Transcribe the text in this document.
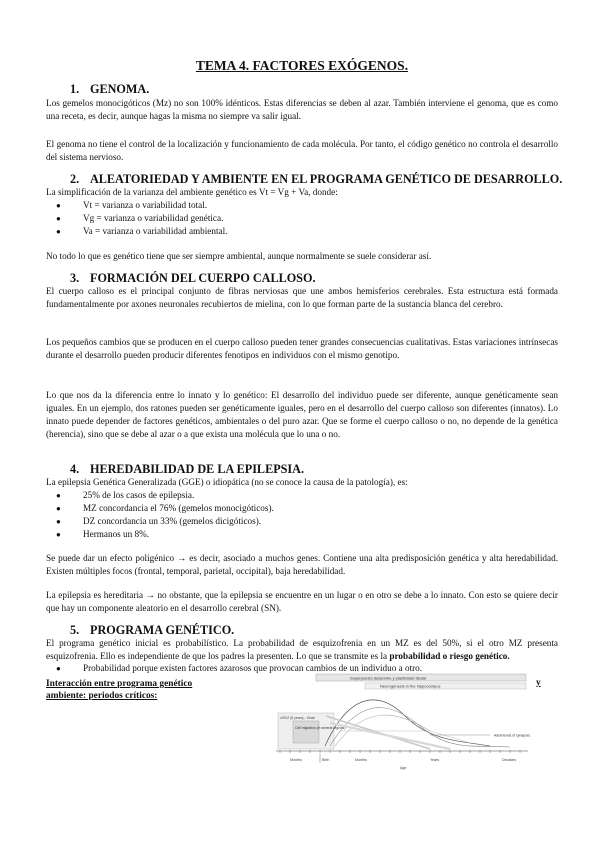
TEMA 4. FACTORES EXÓGENOS.
1. GENOMA.
Los gemelos monocigóticos (Mz) no son 100% idénticos. Estas diferencias se deben al azar. También interviene el genoma, que es como una receta, es decir, aunque hagas la misma no siempre va salir igual.
El genoma no tiene el control de la localización y funcionamiento de cada molécula. Por tanto, el código genético no controla el desarrollo del sistema nervioso.
2. ALEATORIEDAD Y AMBIENTE EN EL PROGRAMA GENÉTICO DE DESARROLLO.
La simplificación de la varianza del ambiente genético es Vt = Vg + Va, donde:
● Vt = varianza o variabilidad total.
● Vg = varianza o variabilidad genética.
● Va = varianza o variabilidad ambiental.
No todo lo que es genético tiene que ser siempre ambiental, aunque normalmente se suele considerar así.
3. FORMACIÓN DEL CUERPO CALLOSO.
El cuerpo calloso es el principal conjunto de fibras nerviosas que une ambos hemisferios cerebrales. Esta estructura está formada fundamentalmente por axones neuronales recubiertos de mielina, con lo que forman parte de la sustancia blanca del cerebro.
Los pequeños cambios que se producen en el cuerpo calloso pueden tener grandes consecuencias cualitativas. Estas variaciones intrínsecas durante el desarrollo pueden producir diferentes fenotipos en individuos con el mismo genotipo.
Lo que nos da la diferencia entre lo innato y lo genético: El desarrollo del individuo puede ser diferente, aunque genéticamente sean iguales. En un ejemplo, dos ratones pueden ser genéticamente iguales, pero en el desarrollo del cuerpo calloso son diferentes (innatos). Lo innato puede depender de factores genéticos, ambientales o del puro azar. Que se forme el cuerpo calloso o no, no depende de la genética (herencia), sino que se debe al azar o a que exista una molécula que lo una o no.
4. HEREDABILIDAD DE LA EPILEPSIA.
La epilepsia Genética Generalizada (GGE) o idiopática (no se conoce la causa de la patología), es:
● 25% de los casos de epilepsia.
● MZ concordancia el 76% (gemelos monocigóticos).
● DZ concordancia un 33% (gemelos dicigóticos).
● Hermanos un 8%.
Se puede dar un efecto poligénico → es decir, asociado a muchos genes. Contiene una alta predisposición genética y alta heredabilidad. Existen múltiples focos (frontal, temporal, parietal, occipital), baja heredabilidad.
La epilepsia es hereditaria → no obstante, que la epilepsia se encuentre en un lugar o en otro se debe a lo innato. Con esto se quiere decir que hay un componente aleatorio en el desarrollo cerebral (SN).
5. PROGRAMA GENÉTICO.
El programa genético inicial es probabilístico. La probabilidad de esquizofrenia en un MZ es del 50%, si el otro MZ presenta esquizofrenia. Ello es independiente de que los padres la presenten. Lo que se transmite es la probabilidad o riesgo genético.
● Probabilidad porque existen factores azarosos que provocan cambios de un individuo a otro.
Interacción entre programa genético ambiente: periodos críticos:
y
Superpuesto desarrollo y plasticidad tisular
Neurogénesis in the hippocampus
v/SVZ (8 years)... Brain
Cell migration (in several regions)
Adult levels of synapses
Months	Birth	Months	Years	Decades
Age
